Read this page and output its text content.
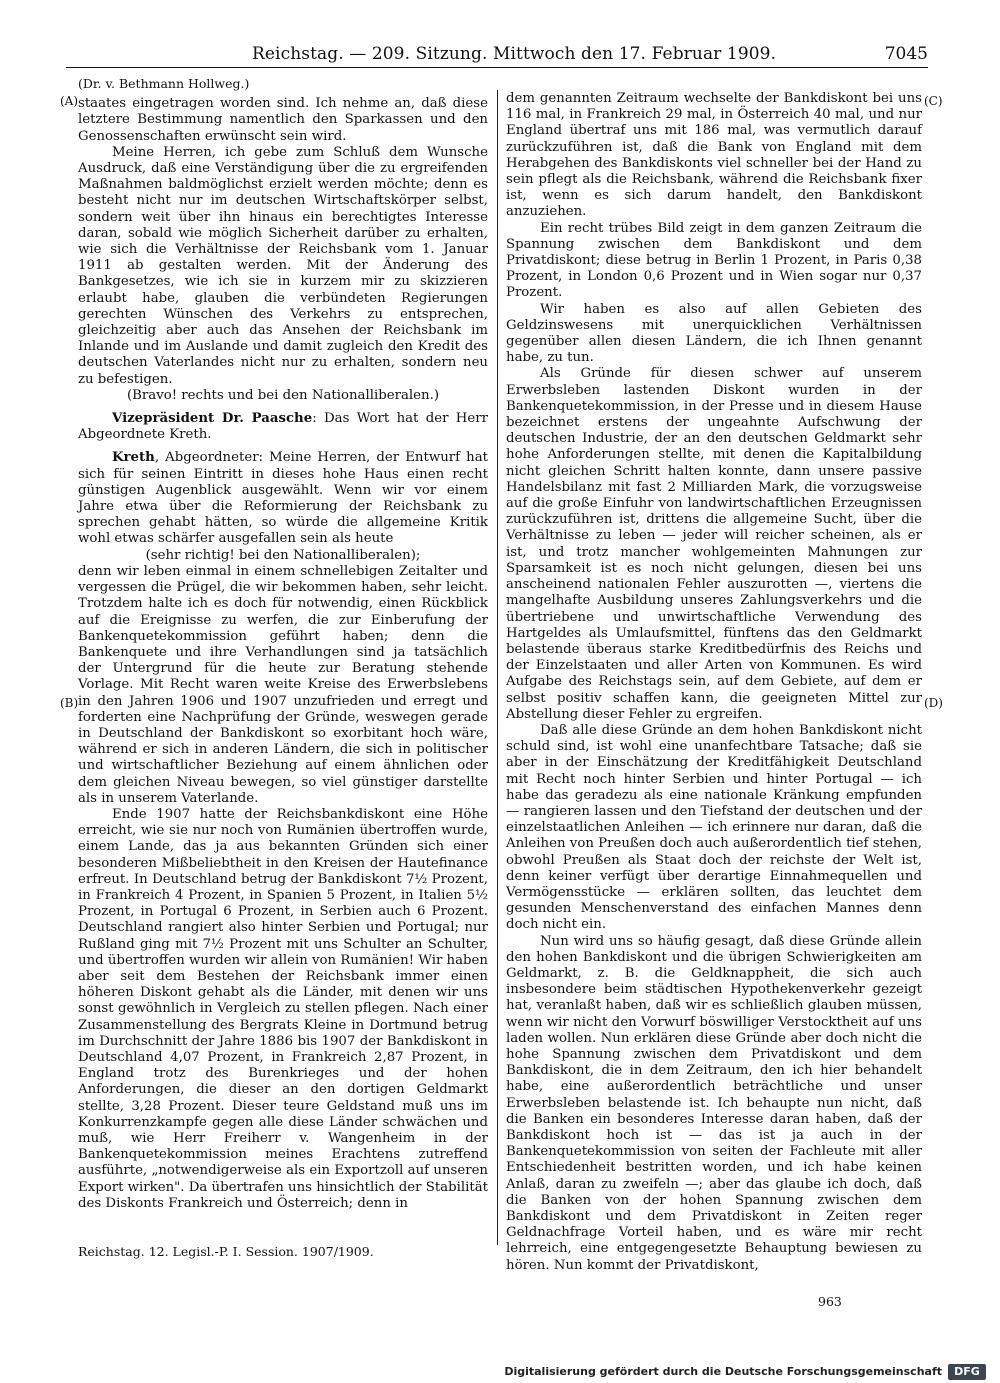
Reichstag. — 209. Sitzung. Mittwoch den 17. Februar 1909.	7045
(A)
(B)
(C)
(D)

(Dr. v. Bethmann Hollweg.)

staates eingetragen worden sind. Ich nehme an, daß diese letztere Bestimmung namentlich den Sparkassen und den Genossenschaften erwünscht sein wird.

Meine Herren, ich gebe zum Schluß dem Wunsche Ausdruck, daß eine Verständigung über die zu ergreifenden Maßnahmen baldmöglichst erzielt werden möchte; denn es besteht nicht nur im deutschen Wirtschaftskörper selbst, sondern weit über ihn hinaus ein berechtigtes Interesse daran, sobald wie möglich Sicherheit darüber zu erhalten, wie sich die Verhältnisse der Reichsbank vom 1. Januar 1911 ab gestalten werden. Mit der Änderung des Bankgesetzes, wie ich sie in kurzem mir zu skizzieren erlaubt habe, glauben die verbündeten Regierungen gerechten Wünschen des Verkehrs zu entsprechen, gleichzeitig aber auch das Ansehen der Reichsbank im Inlande und im Auslande und damit zugleich den Kredit des deutschen Vaterlandes nicht nur zu erhalten, sondern neu zu befestigen.

(Bravo! rechts und bei den Nationalliberalen.)

Vizepräsident Dr. Paasche: Das Wort hat der Herr Abgeordnete Kreth.

Kreth, Abgeordneter: Meine Herren, der Entwurf hat sich für seinen Eintritt in dieses hohe Haus einen recht günstigen Augenblick ausgewählt. Wenn wir vor einem Jahre etwa über die Reformierung der Reichsbank zu sprechen gehabt hätten, so würde die allgemeine Kritik wohl etwas schärfer ausgefallen sein als heute

(sehr richtig! bei den Nationalliberalen);

denn wir leben einmal in einem schnellebigen Zeitalter und vergessen die Prügel, die wir bekommen haben, sehr leicht. Trotzdem halte ich es doch für notwendig, einen Rückblick auf die Ereignisse zu werfen, die zur Einberufung der Bankenquetekommission geführt haben; denn die Bankenquete und ihre Verhandlungen sind ja tatsächlich der Untergrund für die heute zur Beratung stehende Vorlage. Mit Recht waren weite Kreise des Erwerbslebens in den Jahren 1906 und 1907 unzufrieden und erregt und forderten eine Nachprüfung der Gründe, weswegen gerade in Deutschland der Bankdiskont so exorbitant hoch wäre, während er sich in anderen Ländern, die sich in politischer und wirtschaftlicher Beziehung auf einem ähnlichen oder dem gleichen Niveau bewegen, so viel günstiger darstellte als in unserem Vaterlande.

Ende 1907 hatte der Reichsbankdiskont eine Höhe erreicht, wie sie nur noch von Rumänien übertroffen wurde, einem Lande, das ja aus bekannten Gründen sich einer besonderen Mißbeliebtheit in den Kreisen der Hautefinance erfreut. In Deutschland betrug der Bankdiskont 7½ Prozent, in Frankreich 4 Prozent, in Spanien 5 Prozent, in Italien 5½ Prozent, in Portugal 6 Prozent, in Serbien auch 6 Prozent. Deutschland rangiert also hinter Serbien und Portugal; nur Rußland ging mit 7½ Prozent mit uns Schulter an Schulter, und übertroffen wurden wir allein von Rumänien! Wir haben aber seit dem Bestehen der Reichsbank immer einen höheren Diskont gehabt als die Länder, mit denen wir uns sonst gewöhnlich in Vergleich zu stellen pflegen. Nach einer Zusammenstellung des Bergrats Kleine in Dortmund betrug im Durchschnitt der Jahre 1886 bis 1907 der Bankdiskont in Deutschland 4,07 Prozent, in Frankreich 2,87 Prozent, in England trotz des Burenkrieges und der hohen Anforderungen, die dieser an den dortigen Geldmarkt stellte, 3,28 Prozent. Dieser teure Geldstand muß uns im Konkurrenzkampfe gegen alle diese Länder schwächen und muß, wie Herr Freiherr v. Wangenheim in der Bankenquetekommission meines Erachtens zutreffend ausführte, „notwendigerweise als ein Exportzoll auf unseren Export wirken". Da übertrafen uns hinsichtlich der Stabilität des Diskonts Frankreich und Österreich; denn in

dem genannten Zeitraum wechselte der Bankdiskont bei uns 116 mal, in Frankreich 29 mal, in Österreich 40 mal, und nur England übertraf uns mit 186 mal, was vermutlich darauf zurückzuführen ist, daß die Bank von England mit dem Herabgehen des Bankdiskonts viel schneller bei der Hand zu sein pflegt als die Reichsbank, während die Reichsbank fixer ist, wenn es sich darum handelt, den Bankdiskont anzuziehen.

Ein recht trübes Bild zeigt in dem ganzen Zeitraum die Spannung zwischen dem Bankdiskont und dem Privatdiskont; diese betrug in Berlin 1 Prozent, in Paris 0,38 Prozent, in London 0,6 Prozent und in Wien sogar nur 0,37 Prozent.

Wir haben es also auf allen Gebieten des Geldzinswesens mit unerquicklichen Verhältnissen gegenüber allen diesen Ländern, die ich Ihnen genannt habe, zu tun.

Als Gründe für diesen schwer auf unserem Erwerbsleben lastenden Diskont wurden in der Bankenquetekommission, in der Presse und in diesem Hause bezeichnet erstens der ungeahnte Aufschwung der deutschen Industrie, der an den deutschen Geldmarkt sehr hohe Anforderungen stellte, mit denen die Kapitalbildung nicht gleichen Schritt halten konnte, dann unsere passive Handelsbilanz mit fast 2 Milliarden Mark, die vorzugsweise auf die große Einfuhr von landwirtschaftlichen Erzeugnissen zurückzuführen ist, drittens die allgemeine Sucht, über die Verhältnisse zu leben — jeder will reicher scheinen, als er ist, und trotz mancher wohlgemeinten Mahnungen zur Sparsamkeit ist es noch nicht gelungen, diesen bei uns anscheinend nationalen Fehler auszurotten —, viertens die mangelhafte Ausbildung unseres Zahlungsverkehrs und die übertriebene und unwirtschaftliche Verwendung des Hartgeldes als Umlaufsmittel, fünftens das den Geldmarkt belastende überaus starke Kreditbedürfnis des Reichs und der Einzelstaaten und aller Arten von Kommunen. Es wird Aufgabe des Reichstags sein, auf dem Gebiete, auf dem er selbst positiv schaffen kann, die geeigneten Mittel zur Abstellung dieser Fehler zu ergreifen.

Daß alle diese Gründe an dem hohen Bankdiskont nicht schuld sind, ist wohl eine unanfechtbare Tatsache; daß sie aber in der Einschätzung der Kreditfähigkeit Deutschland mit Recht noch hinter Serbien und hinter Portugal — ich habe das geradezu als eine nationale Kränkung empfunden — rangieren lassen und den Tiefstand der deutschen und der einzelstaatlichen Anleihen — ich erinnere nur daran, daß die Anleihen von Preußen doch auch außerordentlich tief stehen, obwohl Preußen als Staat doch der reichste der Welt ist, denn keiner verfügt über derartige Einnahmequellen und Vermögensstücke — erklären sollten, das leuchtet dem gesunden Menschenverstand des einfachen Mannes denn doch nicht ein.

Nun wird uns so häufig gesagt, daß diese Gründe allein den hohen Bankdiskont und die übrigen Schwierigkeiten am Geldmarkt, z. B. die Geldknappheit, die sich auch insbesondere beim städtischen Hypothekenverkehr gezeigt hat, veranlaßt haben, daß wir es schließlich glauben müssen, wenn wir nicht den Vorwurf böswilliger Verstocktheit auf uns laden wollen. Nun erklären diese Gründe aber doch nicht die hohe Spannung zwischen dem Privatdiskont und dem Bankdiskont, die in dem Zeitraum, den ich hier behandelt habe, eine außerordentlich beträchtliche und unser Erwerbsleben belastende ist. Ich behaupte nun nicht, daß die Banken ein besonderes Interesse daran haben, daß der Bankdiskont hoch ist — das ist ja auch in der Bankenquetekommission von seiten der Fachleute mit aller Entschiedenheit bestritten worden, und ich habe keinen Anlaß, daran zu zweifeln —; aber das glaube ich doch, daß die Banken von der hohen Spannung zwischen dem Bankdiskont und dem Privatdiskont in Zeiten reger Geldnachfrage Vorteil haben, und es wäre mir recht lehrreich, eine entgegengesetzte Behauptung bewiesen zu hören. Nun kommt der Privatdiskont,

Reichstag. 12. Legisl.-P. I. Session. 1907/1909.
963
Digitalisierung gefördert durch die Deutsche Forschungsgemeinschaft	DFG
